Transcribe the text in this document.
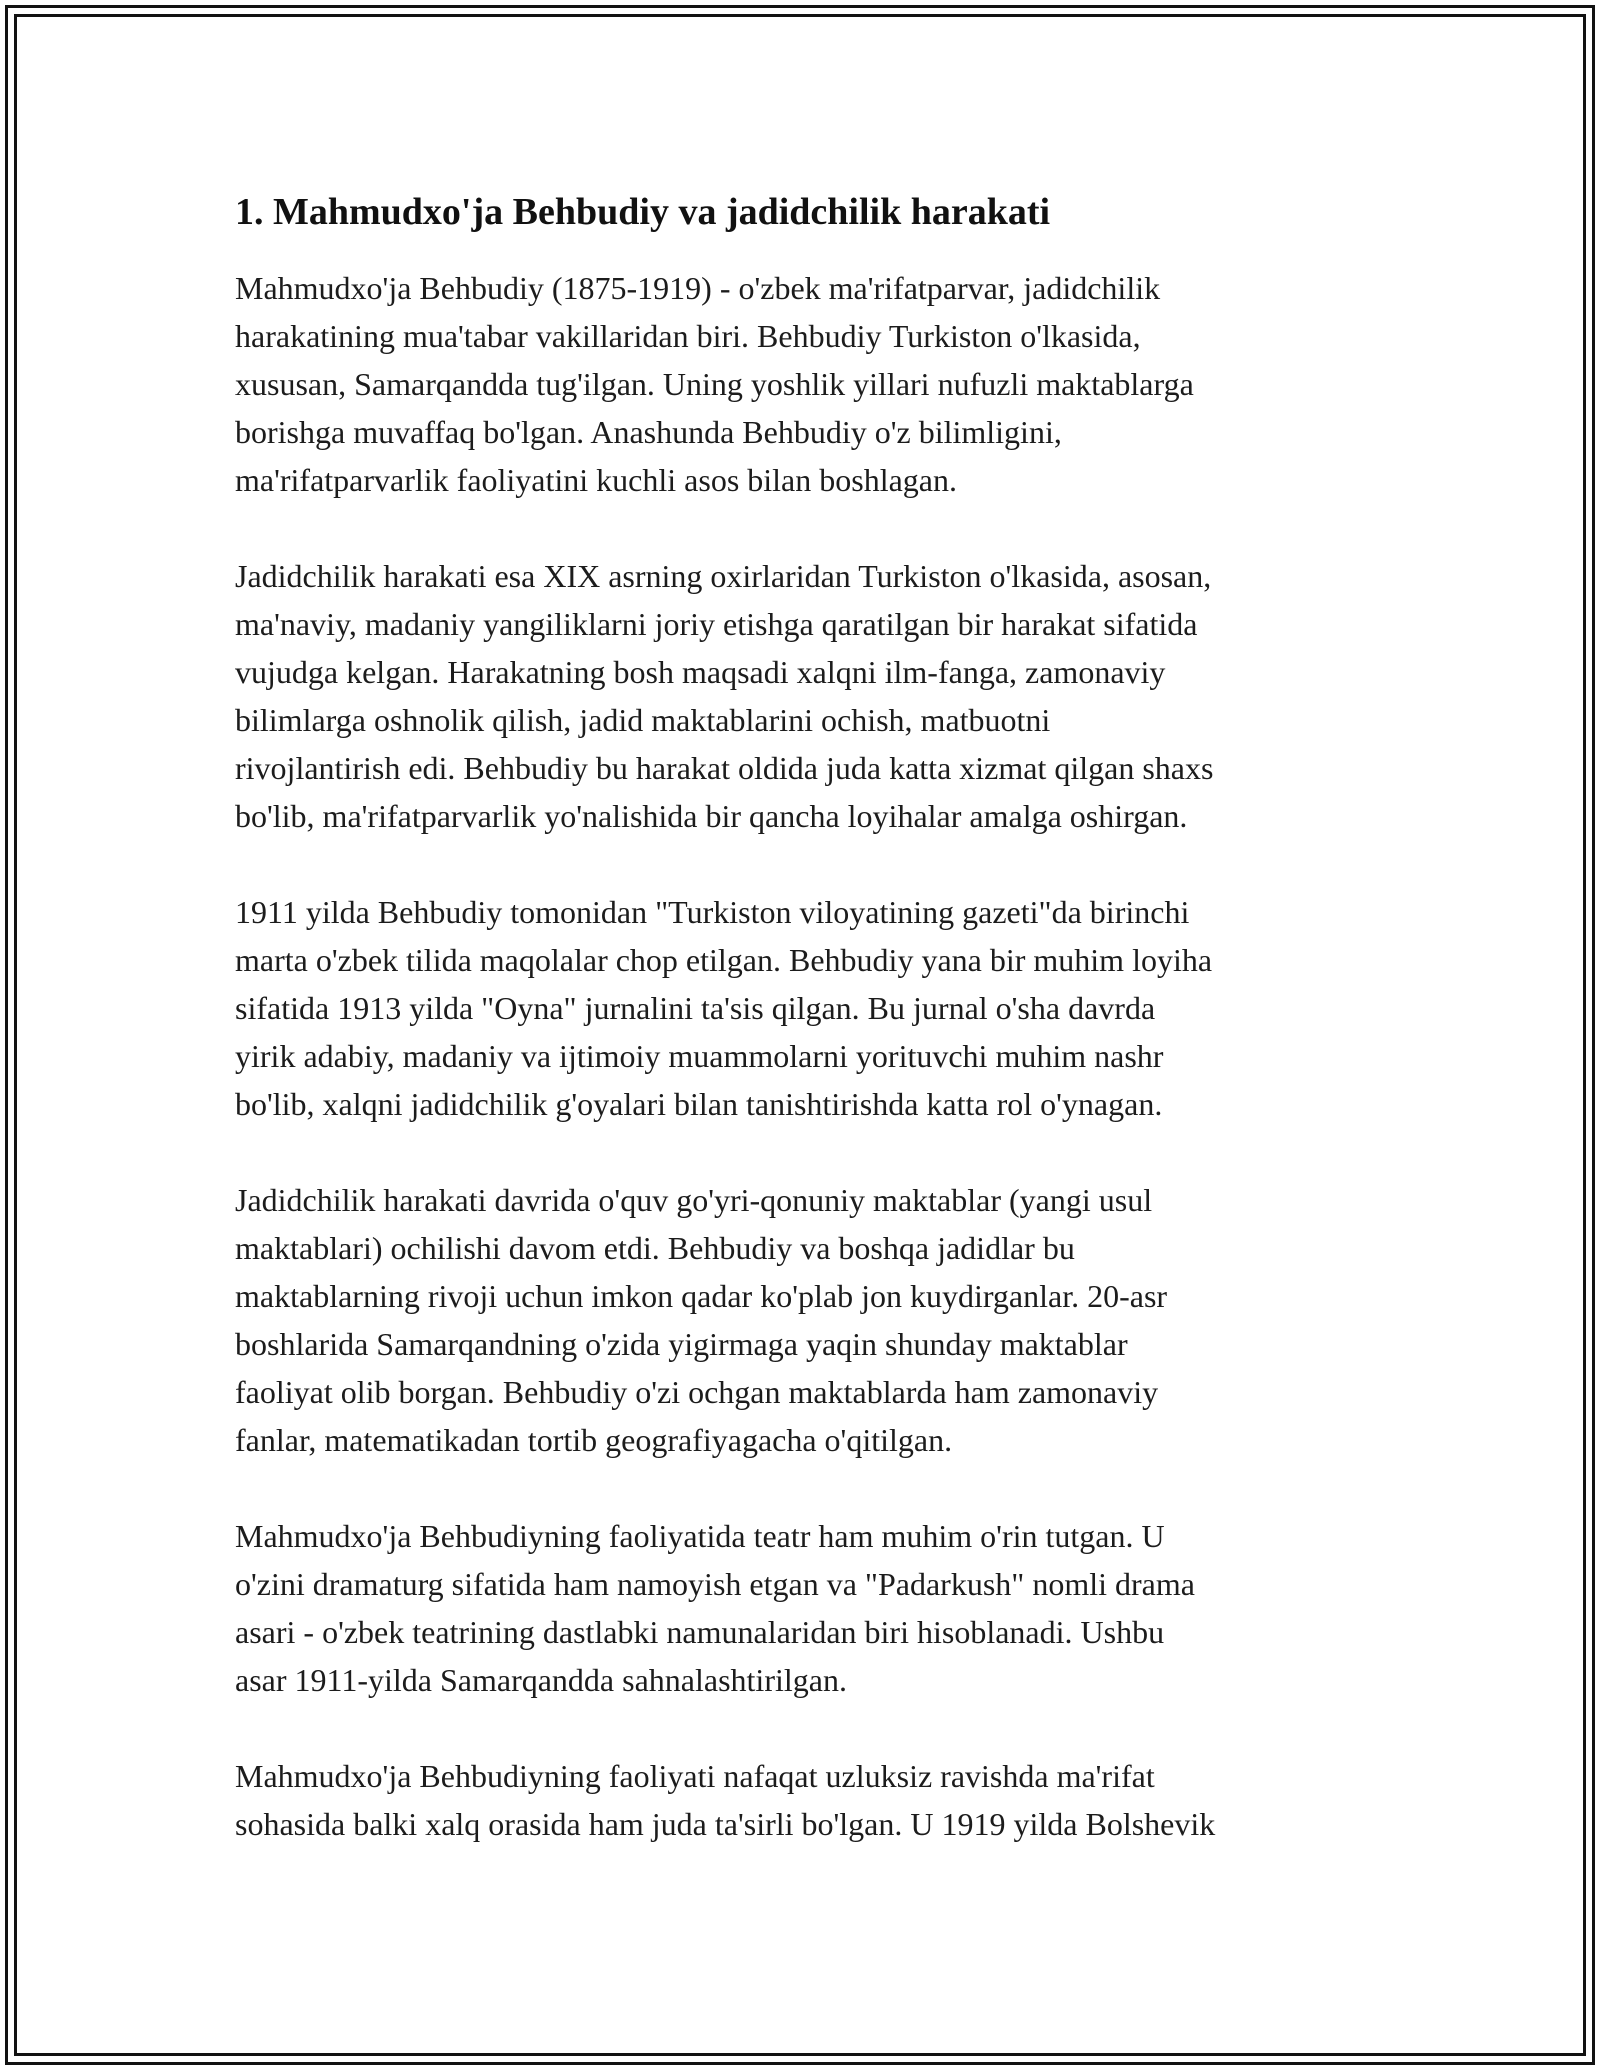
1. Mahmudxo'ja Behbudiy va jadidchilik harakati

Mahmudxo'ja Behbudiy (1875-1919) - o'zbek ma'rifatparvar, jadidchilik
harakatining mua'tabar vakillaridan biri. Behbudiy Turkiston o'lkasida,
xususan, Samarqandda tug'ilgan. Uning yoshlik yillari nufuzli maktablarga
borishga muvaffaq bo'lgan. Anashunda Behbudiy o'z bilimligini,
ma'rifatparvarlik faoliyatini kuchli asos bilan boshlagan.

Jadidchilik harakati esa XIX asrning oxirlaridan Turkiston o'lkasida, asosan,
ma'naviy, madaniy yangiliklarni joriy etishga qaratilgan bir harakat sifatida
vujudga kelgan. Harakatning bosh maqsadi xalqni ilm-fanga, zamonaviy
bilimlarga oshnolik qilish, jadid maktablarini ochish, matbuotni
rivojlantirish edi. Behbudiy bu harakat oldida juda katta xizmat qilgan shaxs
bo'lib, ma'rifatparvarlik yo'nalishida bir qancha loyihalar amalga oshirgan.

1911 yilda Behbudiy tomonidan "Turkiston viloyatining gazeti"da birinchi
marta o'zbek tilida maqolalar chop etilgan. Behbudiy yana bir muhim loyiha
sifatida 1913 yilda "Oyna" jurnalini ta'sis qilgan. Bu jurnal o'sha davrda
yirik adabiy, madaniy va ijtimoiy muammolarni yorituvchi muhim nashr
bo'lib, xalqni jadidchilik g'oyalari bilan tanishtirishda katta rol o'ynagan.

Jadidchilik harakati davrida o'quv go'yri-qonuniy maktablar (yangi usul
maktablari) ochilishi davom etdi. Behbudiy va boshqa jadidlar bu
maktablarning rivoji uchun imkon qadar ko'plab jon kuydirganlar. 20-asr
boshlarida Samarqandning o'zida yigirmaga yaqin shunday maktablar
faoliyat olib borgan. Behbudiy o'zi ochgan maktablarda ham zamonaviy
fanlar, matematikadan tortib geografiyagacha o'qitilgan.

Mahmudxo'ja Behbudiyning faoliyatida teatr ham muhim o'rin tutgan. U
o'zini dramaturg sifatida ham namoyish etgan va "Padarkush" nomli drama
asari - o'zbek teatrining dastlabki namunalaridan biri hisoblanadi. Ushbu
asar 1911-yilda Samarqandda sahnalashtirilgan.

Mahmudxo'ja Behbudiyning faoliyati nafaqat uzluksiz ravishda ma'rifat
sohasida balki xalq orasida ham juda ta'sirli bo'lgan. U 1919 yilda Bolshevik
